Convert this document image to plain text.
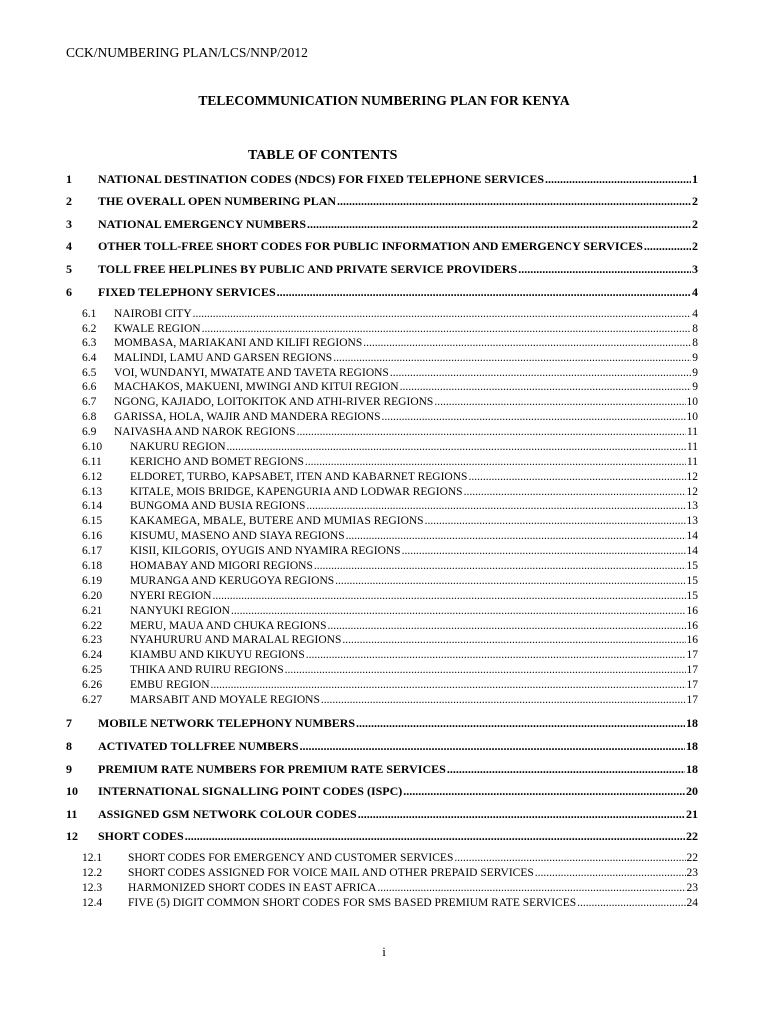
CCK/NUMBERING PLAN/LCS/NNP/2012
TELECOMMUNICATION NUMBERING PLAN FOR KENYA
TABLE OF CONTENTS
1	NATIONAL DESTINATION CODES (NDCS) FOR FIXED TELEPHONE SERVICES .....	1
2	THE OVERALL OPEN NUMBERING PLAN .....	2
3	NATIONAL EMERGENCY NUMBERS .....	2
4	OTHER TOLL-FREE SHORT CODES FOR PUBLIC INFORMATION AND EMERGENCY SERVICES .....	2
5	TOLL FREE HELPLINES BY PUBLIC AND PRIVATE SERVICE PROVIDERS .....	3
6	FIXED TELEPHONY SERVICES .....	4
6.1	NAIROBI CITY .....	4
6.2	KWALE REGION .....	8
6.3	MOMBASA, MARIAKANI AND KILIFI REGIONS .....	8
6.4	MALINDI, LAMU AND GARSEN REGIONS .....	9
6.5	VOI, WUNDANYI, MWATATE AND TAVETA REGIONS .....	9
6.6	MACHAKOS, MAKUENI, MWINGI AND KITUI REGION .....	9
6.7	NGONG, KAJIADO, LOITOKITOK AND ATHI-RIVER REGIONS .....	10
6.8	GARISSA, HOLA, WAJIR AND MANDERA REGIONS .....	10
6.9	NAIVASHA AND NAROK REGIONS .....	11
6.10	NAKURU REGION .....	11
6.11	KERICHO AND BOMET REGIONS .....	11
6.12	ELDORET, TURBO, KAPSABET, ITEN AND KABARNET REGIONS .....	12
6.13	KITALE, MOIS BRIDGE, KAPENGURIA AND LODWAR REGIONS .....	12
6.14	BUNGOMA AND BUSIA REGIONS .....	13
6.15	KAKAMEGA, MBALE, BUTERE AND MUMIAS REGIONS .....	13
6.16	KISUMU, MASENO AND SIAYA REGIONS .....	14
6.17	KISII, KILGORIS, OYUGIS AND NYAMIRA REGIONS .....	14
6.18	HOMABAY AND MIGORI REGIONS .....	15
6.19	MURANGA AND KERUGOYA REGIONS .....	15
6.20	NYERI REGION .....	15
6.21	NANYUKI REGION .....	16
6.22	MERU, MAUA AND CHUKA REGIONS .....	16
6.23	NYAHURURU AND MARALAL REGIONS .....	16
6.24	KIAMBU AND KIKUYU REGIONS .....	17
6.25	THIKA AND RUIRU REGIONS .....	17
6.26	EMBU REGION .....	17
6.27	MARSABIT AND MOYALE REGIONS .....	17
7	MOBILE NETWORK TELEPHONY NUMBERS .....	18
8	ACTIVATED TOLLFREE NUMBERS .....	18
9	PREMIUM RATE NUMBERS FOR PREMIUM RATE SERVICES .....	18
10	INTERNATIONAL SIGNALLING POINT CODES (ISPC) .....	20
11	ASSIGNED GSM NETWORK COLOUR CODES .....	21
12	SHORT CODES .....	22
12.1	SHORT CODES FOR EMERGENCY AND CUSTOMER SERVICES .....	22
12.2	SHORT CODES ASSIGNED FOR VOICE MAIL AND OTHER PREPAID SERVICES .....	23
12.3	HARMONIZED SHORT CODES IN EAST AFRICA .....	23
12.4	FIVE (5) DIGIT COMMON SHORT CODES FOR SMS BASED PREMIUM RATE SERVICES .....	24
i
